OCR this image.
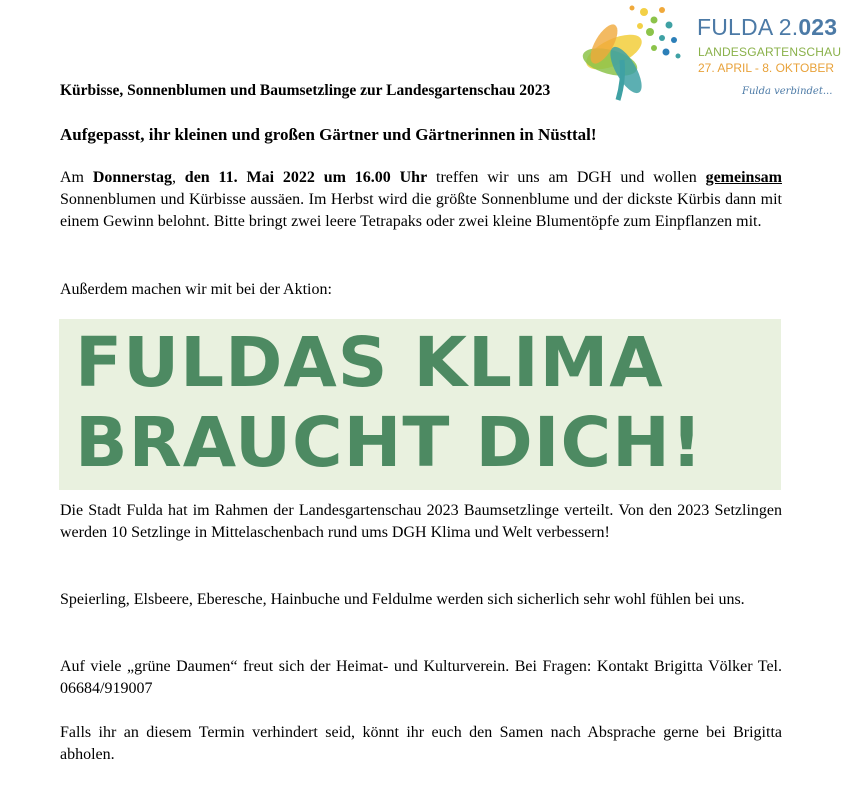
FULDA 2.023
LANDESGARTENSCHAU
27. APRIL - 8. OKTOBER
Fulda verbindet...

Kürbisse, Sonnenblumen und Baumsetzlinge zur Landesgartenschau 2023

Aufgepasst, ihr kleinen und großen Gärtner und Gärtnerinnen in Nüsttal!

Am Donnerstag, den 11. Mai 2022 um 16.00 Uhr treffen wir uns am DGH und wollen gemeinsam Sonnenblumen und Kürbisse aussäen. Im Herbst wird die größte Sonnenblume und der dickste Kürbis dann mit einem Gewinn belohnt. Bitte bringt zwei leere Tetrapaks oder zwei kleine Blumentöpfe zum Einpflanzen mit.

Außerdem machen wir mit bei der Aktion:

FULDAS KLIMA
BRAUCHT DICH!

Die Stadt Fulda hat im Rahmen der Landesgartenschau 2023 Baumsetzlinge verteilt. Von den 2023 Setzlingen werden 10 Setzlinge in Mittelaschenbach rund ums DGH Klima und Welt verbessern!

Speierling, Elsbeere, Eberesche, Hainbuche und Feldulme werden sich sicherlich sehr wohl fühlen bei uns.

Auf viele „grüne Daumen“ freut sich der Heimat- und Kulturverein. Bei Fragen: Kontakt Brigitta Völker Tel. 06684/919007

Falls ihr an diesem Termin verhindert seid, könnt ihr euch den Samen nach Absprache gerne bei Brigitta abholen.
